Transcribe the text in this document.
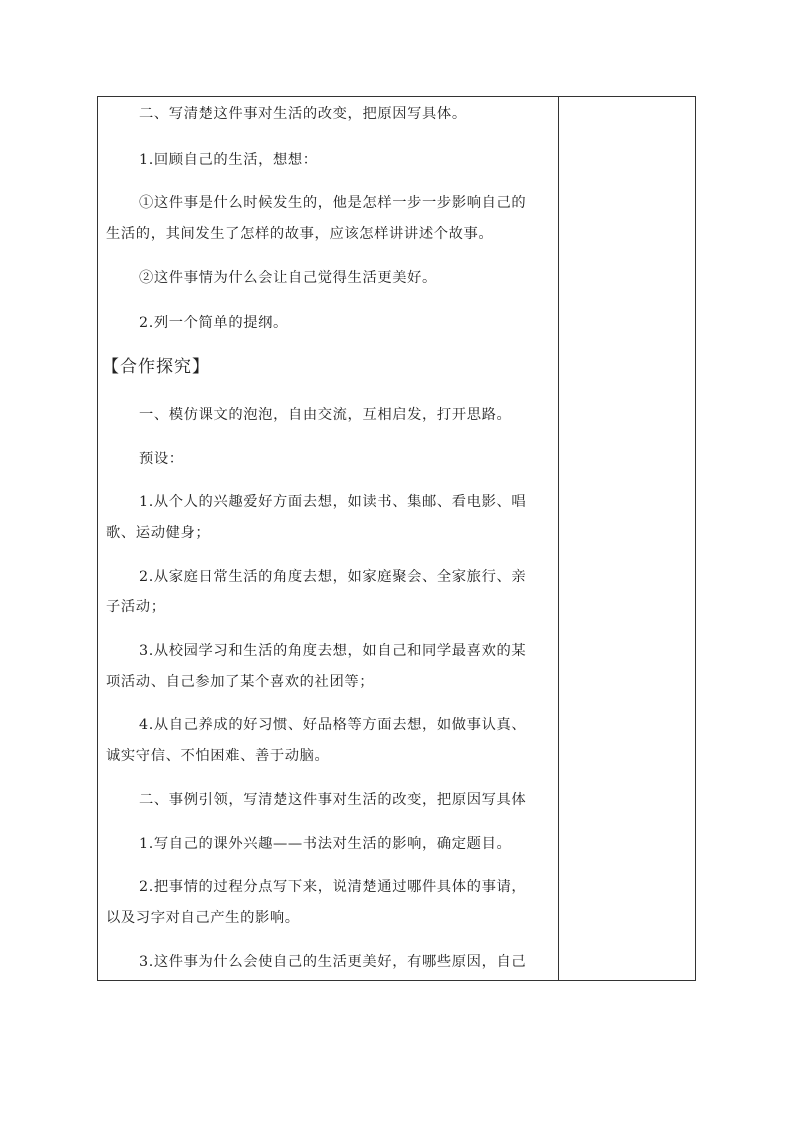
二、写清楚这件事对生活的改变，把原因写具体。
1.回顾自己的生活，想想：
①这件事是什么时候发生的，他是怎样一步一步影响自己的
生活的，其间发生了怎样的故事，应该怎样讲讲述个故事。
②这件事情为什么会让自己觉得生活更美好。
2.列一个简单的提纲。
【合作探究】
一、模仿课文的泡泡，自由交流，互相启发，打开思路。
预设：
1.从个人的兴趣爱好方面去想，如读书、集邮、看电影、唱
歌、运动健身；
2.从家庭日常生活的角度去想，如家庭聚会、全家旅行、亲
子活动；
3.从校园学习和生活的角度去想，如自己和同学最喜欢的某
项活动、自己参加了某个喜欢的社团等；
4.从自己养成的好习惯、好品格等方面去想，如做事认真、
诚实守信、不怕困难、善于动脑。
二、事例引领，写清楚这件事对生活的改变，把原因写具体
1.写自己的课外兴趣——书法对生活的影响，确定题目。
2.把事情的过程分点写下来，说清楚通过哪件具体的事请，
以及习字对自己产生的影响。
3.这件事为什么会使自己的生活更美好，有哪些原因，自己
